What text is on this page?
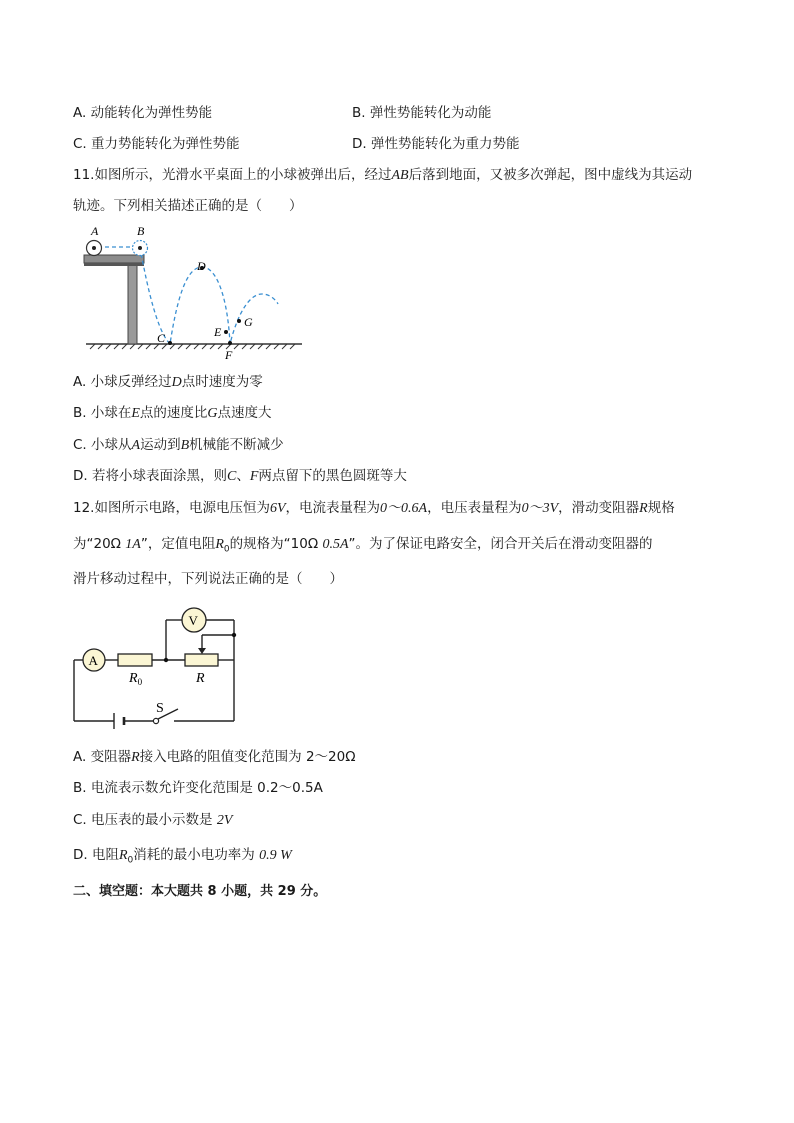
A. 动能转化为弹性势能	B. 弹性势能转化为动能
C. 重力势能转化为弹性势能	D. 弹性势能转化为重力势能
11.如图所示，光滑水平桌面上的小球被弹出后，经过AB后落到地面，又被多次弹起，图中虚线为其运动
轨迹。下列相关描述正确的是（　　）
A	B
C
D
E
F
G
A. 小球反弹经过D点时速度为零
B. 小球在E点的速度比G点速度大
C. 小球从A运动到B机械能不断减少
D. 若将小球表面涂黑，则C、F两点留下的黑色圆斑等大
12.如图所示电路，电源电压恒为6V，电流表量程为0～0.6A，电压表量程为0～3V，滑动变阻器R规格
为“20Ω 1A”，定值电阻$R_0$的规格为“10Ω 0.5A”。为了保证电路安全，闭合开关后在滑动变阻器的
滑片移动过程中，下列说法正确的是（　　）
S
A
V
$R_0$	R
A. 变阻器R接入电路的阻值变化范围为 2～20Ω
B. 电流表示数允许变化范围是 0.2～0.5A
C. 电压表的最小示数是 2V
D. 电阻$R_0$消耗的最小电功率为 0.9 W
二、填空题：本大题共 8 小题，共 29 分。
